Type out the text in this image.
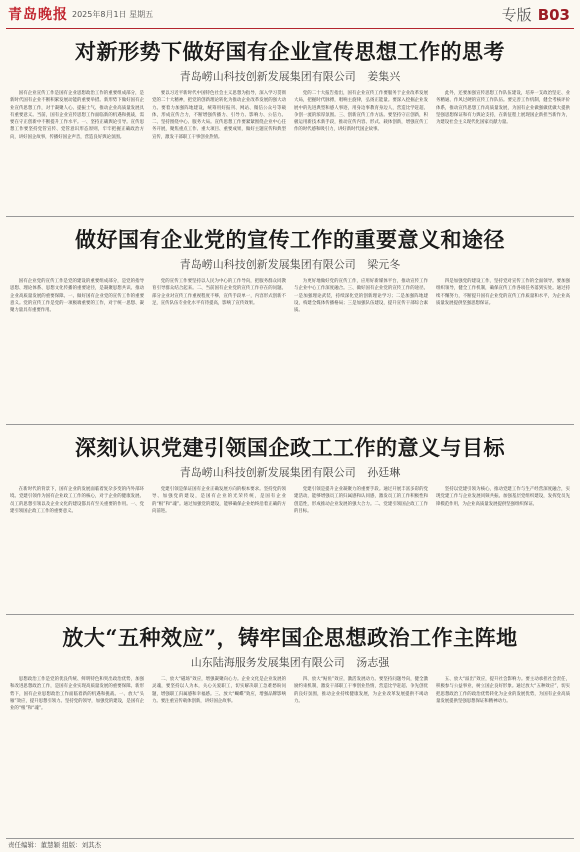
青岛晚报 2025年8月1日 星期五	专版 B03
对新形势下做好国有企业宣传思想工作的思考
青岛崂山科技创新发展集团有限公司 姜集兴

国有企业宣传工作是国有企业思想政治工作的重要组成部分，是新时代国有企业不断积累发展动能的重要举措。新形势下做好国有企业宣传思想工作，对于凝聚人心、提振士气、推动企业高质量发展具有重要意义。当前，国有企业宣传思想工作面临新的机遇和挑战，需要在守正创新中不断提升工作水平。一、坚持正确舆论引导。宣传思想工作要坚持党管宣传、党管意识形态原则，牢牢把握正确政治方向，讲好国企故事，传播好国企声音，营造良好舆论氛围。

要以习近平新时代中国特色社会主义思想为指导，深入学习贯彻党的二十大精神，把党的创新理论转化为推动企业改革发展的强大动力。要着力加强阵地建设，统筹用好报刊、网站、微信公众号等载体，形成宣传合力，不断增强传播力、引导力、影响力、公信力。二、坚持围绕中心、服务大局。宣传思想工作要紧紧围绕企业中心任务开展，聚焦重点工作、重大项目、重要成果，做好主题宣传和典型宣传，激发干部职工干事创业热情。

党的二十大报告指出，国有企业宣传工作要服务于企业改革发展大局，把握时代脉搏，唱响主旋律，弘扬正能量。要深入挖掘企业发展中的先进典型和感人事迹，用身边事教育身边人，营造比学赶超、争创一流的浓厚氛围。三、创新宣传工作方法。要坚持守正创新，积极运用新技术新手段，推动宣传内容、形式、载体创新，增强宣传工作的时代感和吸引力，讲好新时代国企故事。

此外，还要加强宣传思想工作队伍建设，培养一支政治坚定、业务精通、作风过硬的宣传工作队伍。要完善工作机制，健全考核评价体系，推动宣传思想工作高质量发展，为国有企业做强做优做大提供坚强思想保证和有力舆论支持，在新征程上展现国企新担当新作为，为建设社会主义现代化国家贡献力量。

做好国有企业党的宣传工作的重要意义和途径
青岛崂山科技创新发展集团有限公司 梁元冬

国有企业党的宣传工作是党的建设的重要组成部分，是党的指导思想、理论体系、思想文化传播的重要途径，是凝聚思想共识、推动企业高质量发展的重要保障。一、做好国有企业党的宣传工作的重要意义。党的宣传工作是党的一项极端重要的工作，对于统一思想、凝聚力量具有重要作用。

党的宣传工作要坚持以人民为中心的工作导向，把服务群众同教育引导群众结合起来。二、当前国有企业党的宣传工作存在的问题。部分企业对宣传工作重视程度不够，宣传手段单一，内容形式创新不足，宣传队伍专业化水平有待提高，影响了宣传效果。

为更好地做好党的宣传工作，应用好新媒体平台，推动宣传工作与企业中心工作深度融合。三、做好国有企业党的宣传工作的途径。一是加强理论武装，持续深化党的创新理论学习；二是加强阵地建设，构建全媒体传播格局；三是加强队伍建设，提升宣传干部综合素质。

四是加强党的建设工作，坚持党对宣传工作的全面领导。要加强组织领导，健全工作机制，确保宣传工作各项任务落到实处。通过持续不懈努力，不断提升国有企业党的宣传工作质量和水平，为企业高质量发展提供坚强思想保证。

深刻认识党建引领国企政工工作的意义与目标
青岛崂山科技创新发展集团有限公司 孙廷琳

在新时代的背景下，国有企业的发展面临着复杂多变的内外部环境。党建引领作为国有企业政工工作的核心，对于企业的健康发展、员工的思想引领以及企业文化的建设都具有至关重要的作用。一、党建引领国企政工工作的重要意义。

党建引领是保证国有企业正确发展方向的根本要求。坚持党的领导、加强党的建设，是国有企业的光荣传统，是国有企业的“根”和“魂”。通过加强党的建设，能够确保企业始终沿着正确的方向前进。

党建引领是提升企业凝聚力的重要手段。通过开展丰富多彩的党建活动，能够增强员工的归属感和认同感，激发员工的工作积极性和创造性，形成推动企业发展的强大合力。二、党建引领国企政工工作的目标。

坚持以党建引领为核心，推动党建工作与生产经营深度融合，实现党建工作与企业发展同频共振。加强基层党组织建设，发挥党员先锋模范作用，为企业高质量发展提供坚强组织保证。

放大“五种效应”，铸牢国企思想政治工作主阵地
山东陆海服务发展集团有限公司 汤志强

思想政治工作是党的优良传统、鲜明特色和突出政治优势，加强和改进思想政治工作，是国有企业实现高质量发展的重要保障。新形势下，国有企业思想政治工作面临着新的机遇和挑战。一、放大“头雁”效应，提升思想引领力。坚持党的领导，加强党的建设，是国有企业的“根”和“魂”。

二、放大“磁场”效应，增强凝聚向心力。企业文化是企业发展的灵魂，要坚持以人为本，关心关爱职工，切实解决职工急难愁盼问题，增强职工归属感和幸福感。三、放大“蝴蝶”效应，增强品牌影响力。要注重宣传载体创新，讲好国企故事。

四、放大“鲇鱼”效应，激活发展动力。要坚持问题导向，健全激励约束机制，激发干部职工干事创业热情，营造比学赶超、争先创优的良好氛围，推动企业持续健康发展，为企业改革发展提供不竭动力。

五、放大“溢出”效应，提升社会影响力。要主动承担社会责任，积极参与公益事业，树立国企良好形象。通过放大“五种效应”，切实把思想政治工作的政治优势转化为企业的发展优势，为国有企业高质量发展提供坚强思想保证和精神动力。

责任编辑：董慧颖 组版：刘其杰
